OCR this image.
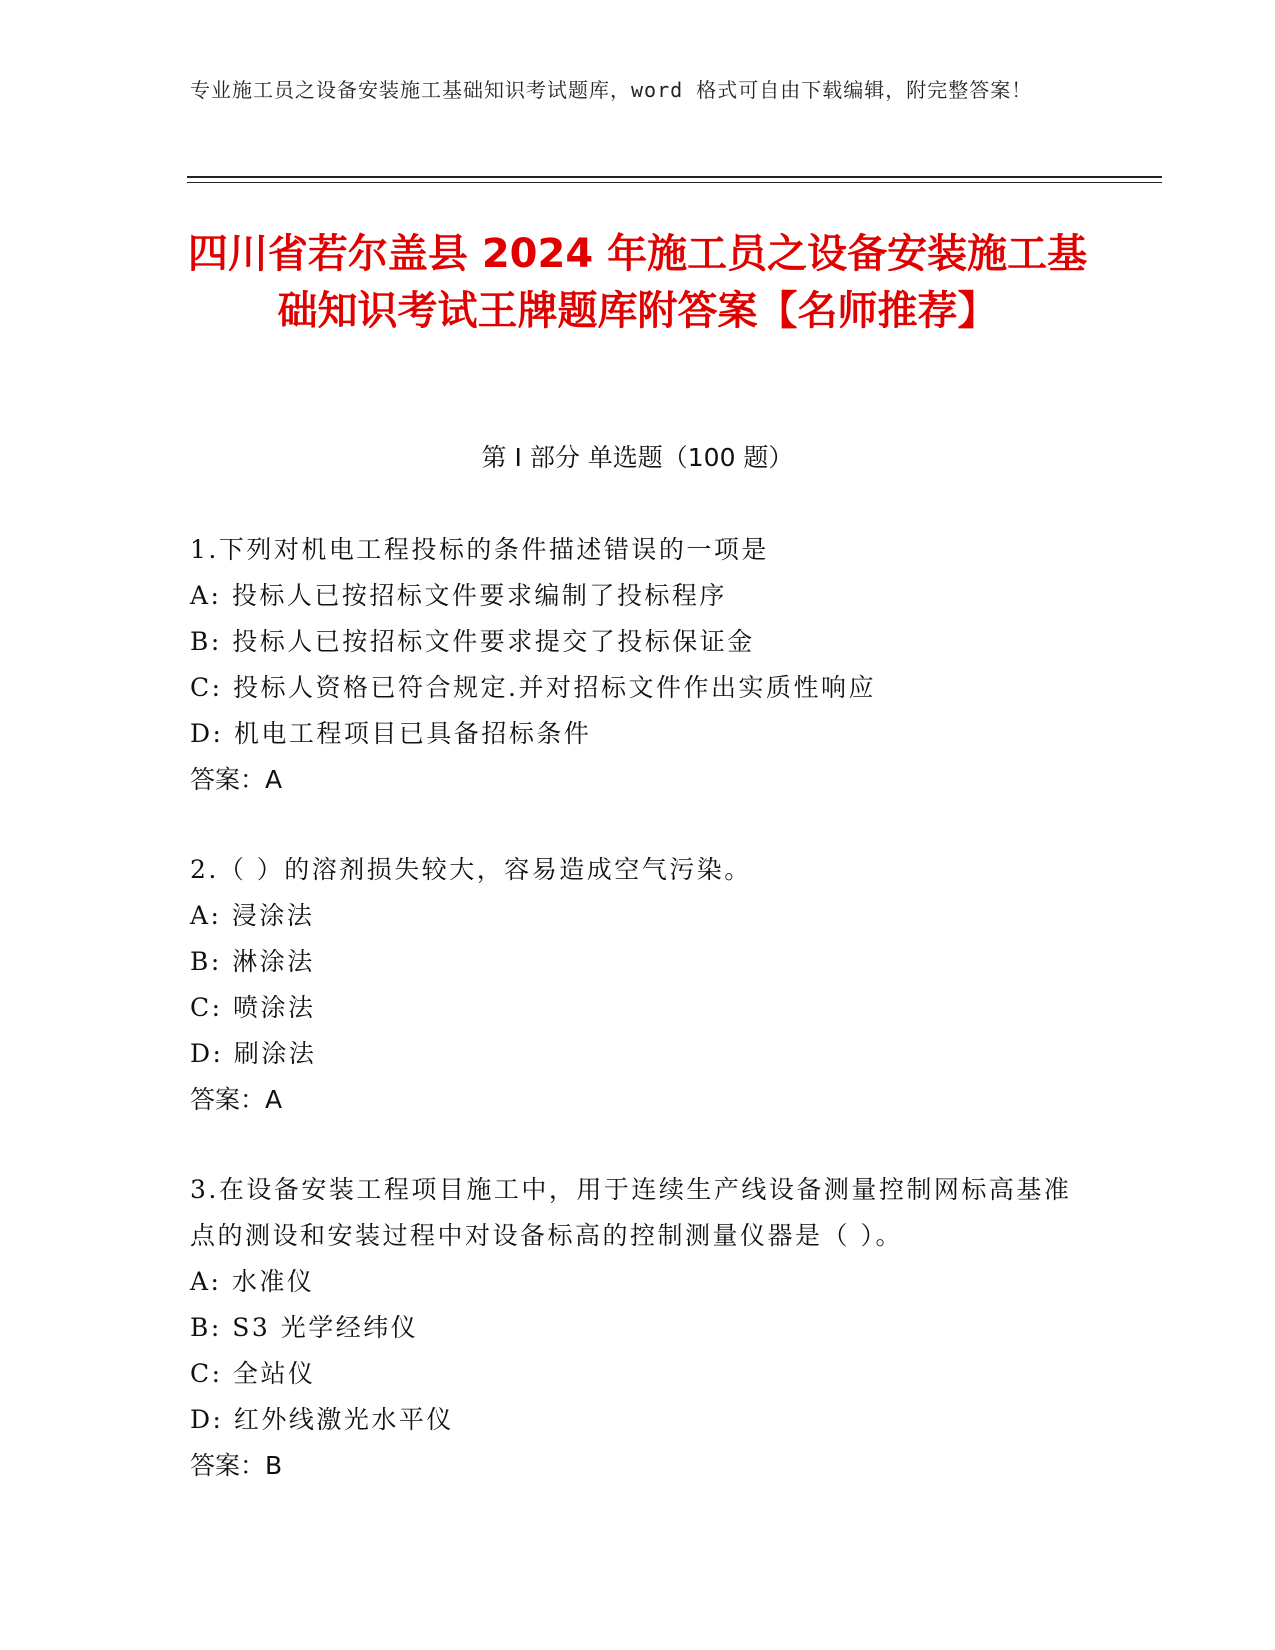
专业施工员之设备安装施工基础知识考试题库，word 格式可自由下载编辑，附完整答案！
四川省若尔盖县 2024 年施工员之设备安装施工基础知识考试王牌题库附答案【名师推荐】
第 I 部分 单选题（100 题）
1.下列对机电工程投标的条件描述错误的一项是
A: 投标人已按招标文件要求编制了投标程序
B: 投标人已按招标文件要求提交了投标保证金
C: 投标人资格已符合规定.并对招标文件作出实质性响应
D: 机电工程项目已具备招标条件
答案：A
2.（ ）的溶剂损失较大，容易造成空气污染。
A: 浸涂法
B: 淋涂法
C: 喷涂法
D: 刷涂法
答案：A
3.在设备安装工程项目施工中，用于连续生产线设备测量控制网标高基准点的测设和安装过程中对设备标高的控制测量仪器是（ ）。
A: 水准仪
B: S3 光学经纬仪
C: 全站仪
D: 红外线激光水平仪
答案：B
